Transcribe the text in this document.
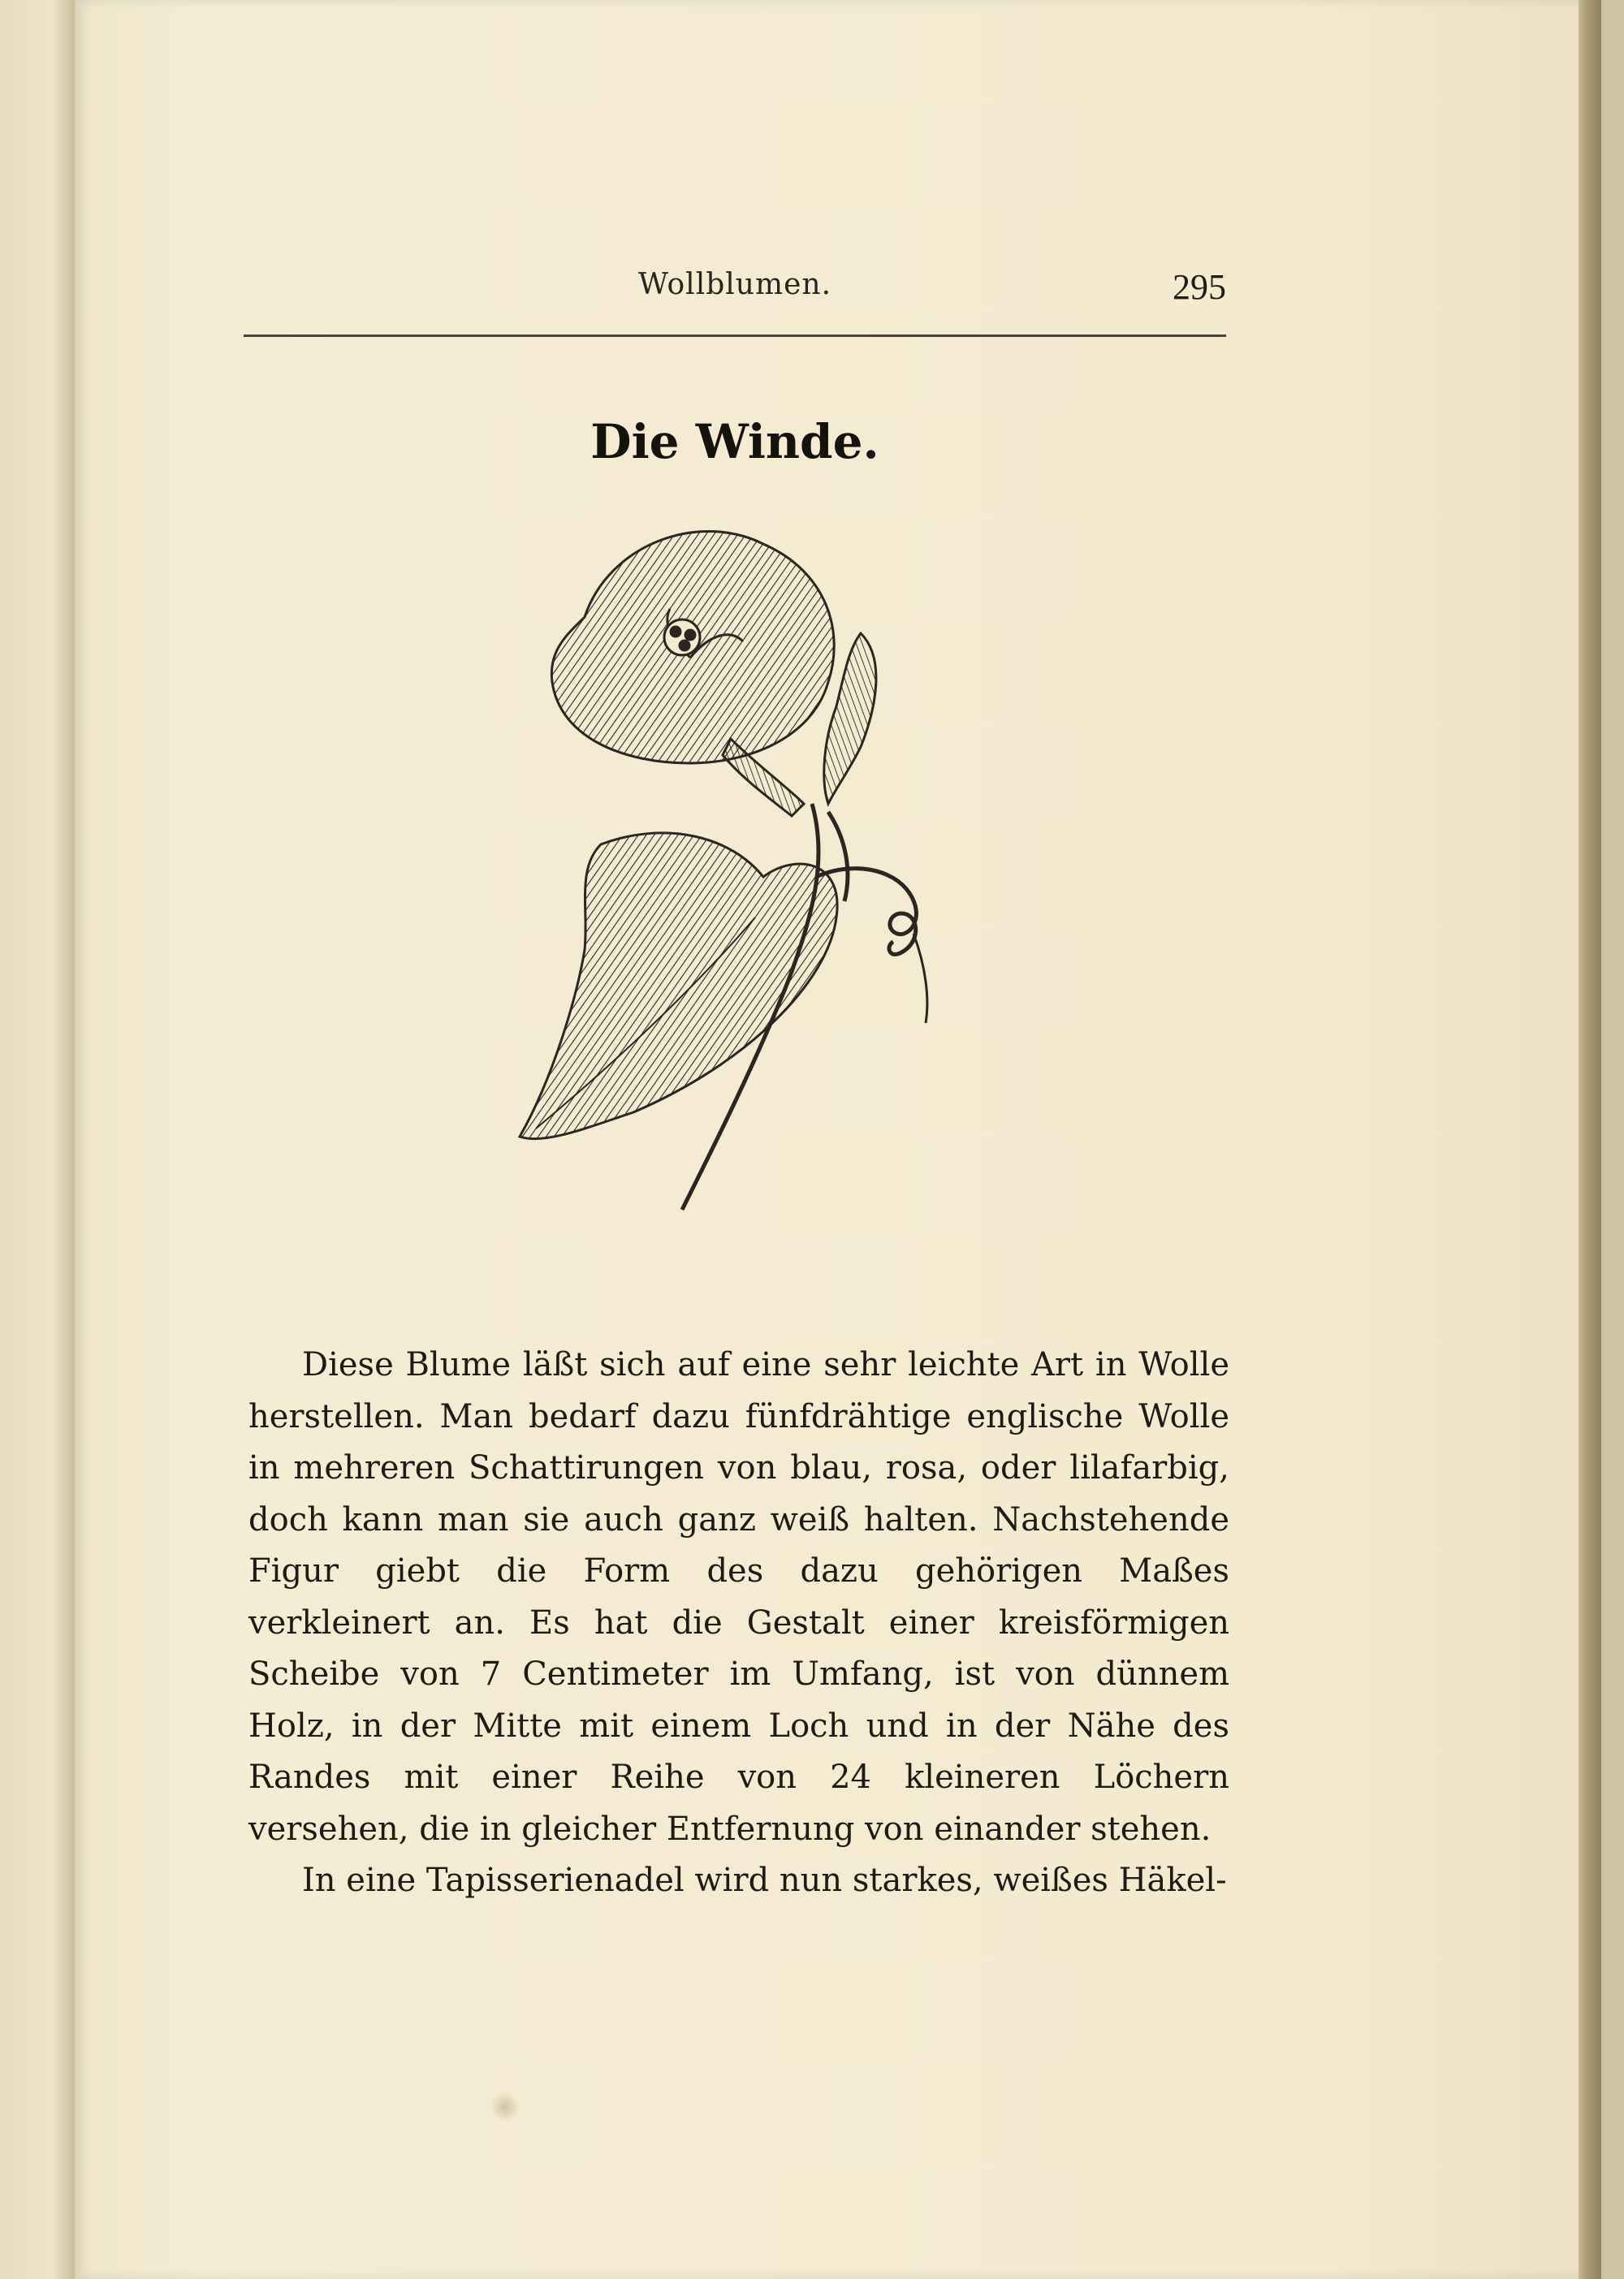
Wollblumen.	295
Die Winde.

Diese Blume läßt sich auf eine sehr leichte Art in Wolle herstellen. Man bedarf dazu fünfdrähtige englische Wolle in mehreren Schattirungen von blau, rosa, oder lilafarbig, doch kann man sie auch ganz weiß halten. Nachstehende Figur giebt die Form des dazu gehörigen Maßes verkleinert an. Es hat die Gestalt einer kreisförmigen Scheibe von 7 Centimeter im Umfang, ist von dünnem Holz, in der Mitte mit einem Loch und in der Nähe des Randes mit einer Reihe von 24 kleineren Löchern versehen, die in gleicher Entfernung von einander stehen.

In eine Tapisserienadel wird nun starkes, weißes Häkel-
